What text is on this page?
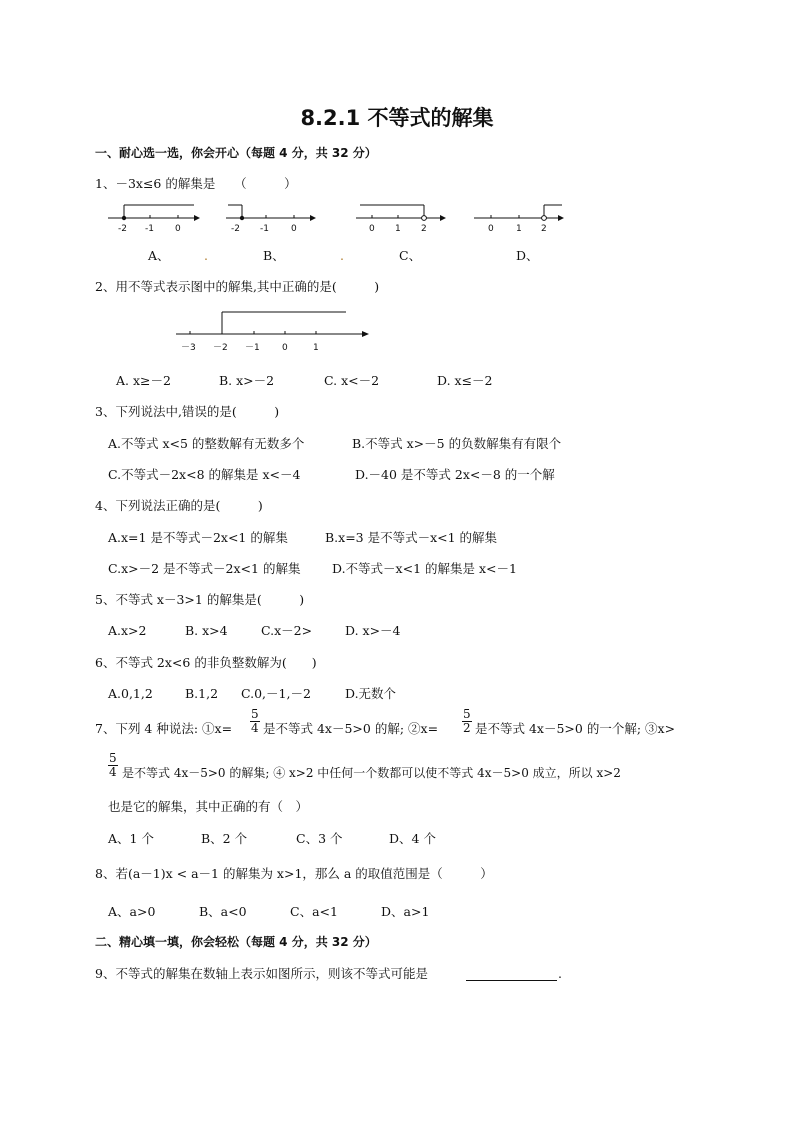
8.2.1 不等式的解集
一、耐心选一选，你会开心（每题 4 分，共 32 分）
1、－3x≤6 的解集是　　（　　　）
-2 -1 0	-2 -1 0	0 1 2	0 1 2
A、	.	B、	.	C、	D、
2、用不等式表示图中的解集,其中正确的是(　　　)
－3 －2 －1 0	1
A. x≥－2	B. x>－2	C. x<－2	D. x≤－2
3、下列说法中,错误的是(　　　)
A.不等式 x<5 的整数解有无数多个	B.不等式 x>－5 的负数解集有有限个
C.不等式－2x<8 的解集是 x<－4	D.－40 是不等式 2x<－8 的一个解
4、下列说法正确的是(　　　)
A.x=1 是不等式－2x<1 的解集	B.x=3 是不等式－x<1 的解集
C.x>－2 是不等式－2x<1 的解集	D.不等式－x<1 的解集是 x<－1
5、不等式 x－3>1 的解集是(　　　)
A.x>2	B. x>4	C.x－2>	D. x>－4
6、不等式 2x<6 的非负整数解为(　　)
A.0,1,2	B.1,2 C.0,－1,－2	D.无数个
7、下列 4 种说法: ①x= $\frac{5}{4}$ 是不等式 4x－5>0 的解; ②x= $\frac{5}{2}$ 是不等式 4x－5>0 的一个解; ③x>
$\frac{5}{4}$ 是不等式 4x－5>0 的解集; ④ x>2 中任何一个数都可以使不等式 4x－5>0 成立，所以 x>2
也是它的解集，其中正确的有（　）
A、1 个	B、2 个	C、3 个	D、4 个
8、若(a－1)x < a－1 的解集为 x>1，那么 a 的取值范围是（　　　）
A、a>0	B、a<0	C、a<1	D、a>1
二、精心填一填，你会轻松（每题 4 分，共 32 分）
9、不等式的解集在数轴上表示如图所示，则该不等式可能是	.
